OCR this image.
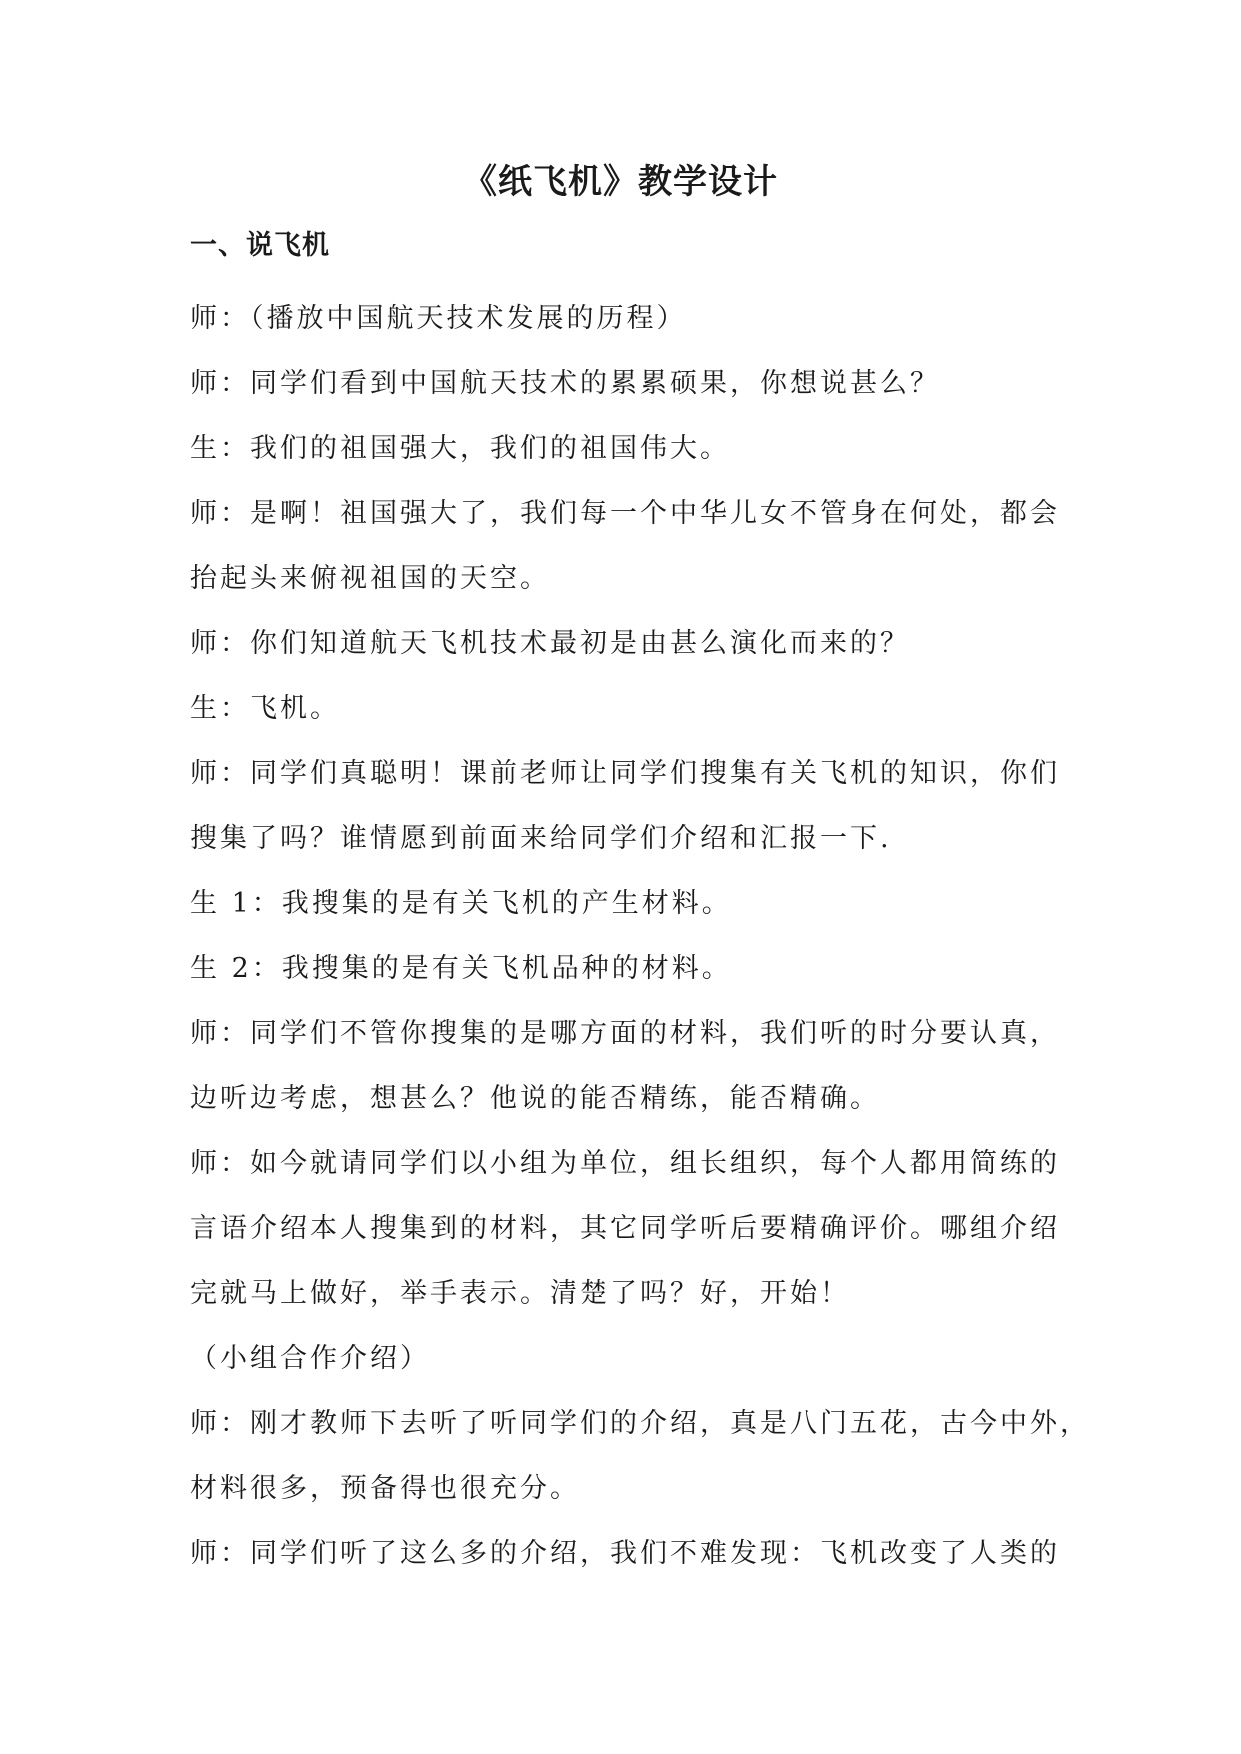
《纸飞机》教学设计
一、说飞机
师：（播放中国航天技术发展的历程）
师：同学们看到中国航天技术的累累硕果，你想说甚么？
生：我们的祖国强大，我们的祖国伟大。
师：是啊！祖国强大了，我们每一个中华儿女不管身在何处，都会
抬起头来俯视祖国的天空。
师：你们知道航天飞机技术最初是由甚么演化而来的？
生：飞机。
师：同学们真聪明！课前老师让同学们搜集有关飞机的知识，你们
搜集了吗？谁情愿到前面来给同学们介绍和汇报一下.
生 1：我搜集的是有关飞机的产生材料。
生 2：我搜集的是有关飞机品种的材料。
师：同学们不管你搜集的是哪方面的材料，我们听的时分要认真，
边听边考虑，想甚么？他说的能否精练，能否精确。
师：如今就请同学们以小组为单位，组长组织，每个人都用简练的
言语介绍本人搜集到的材料，其它同学听后要精确评价。哪组介绍
完就马上做好，举手表示。清楚了吗？好，开始！
（小组合作介绍）
师：刚才教师下去听了听同学们的介绍，真是八门五花，古今中外，
材料很多，预备得也很充分。
师：同学们听了这么多的介绍，我们不难发现：飞机改变了人类的
